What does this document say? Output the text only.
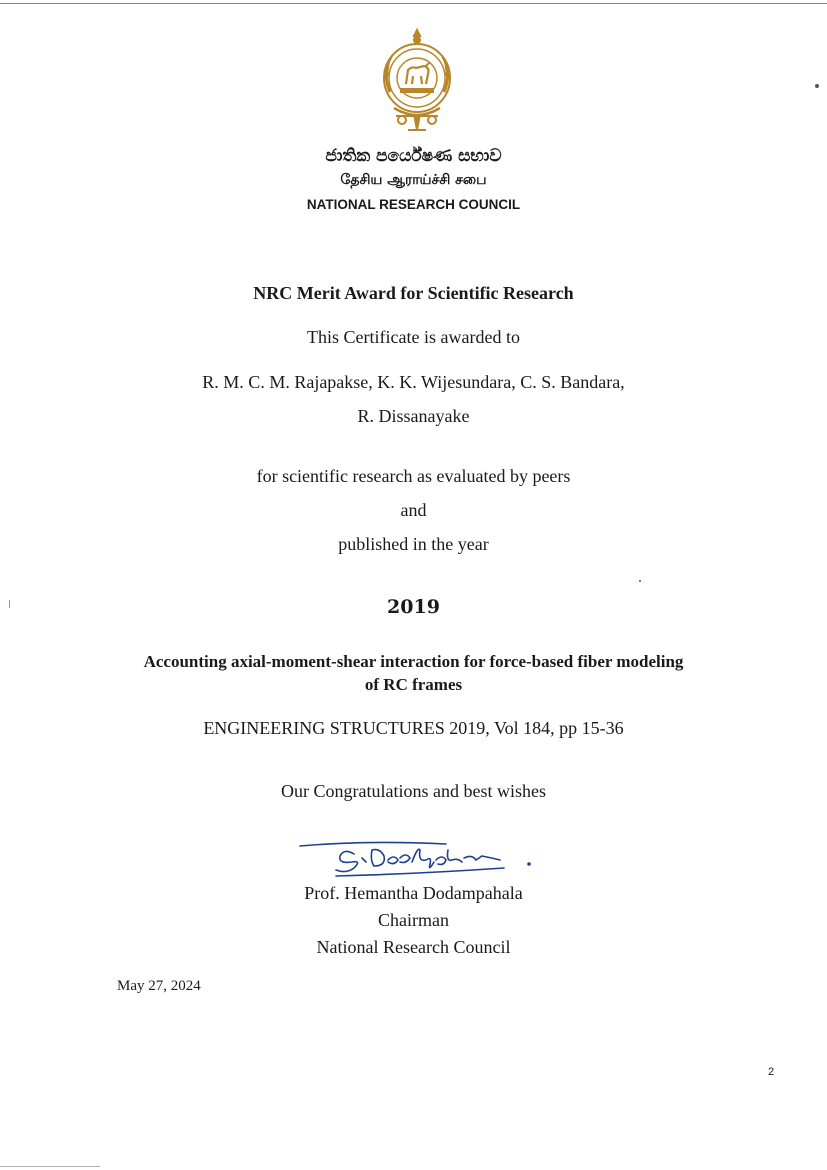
ජාතික පර්යේෂණ සභාව
தேசிய ஆராய்ச்சி சபை
NATIONAL RESEARCH COUNCIL
NRC Merit Award for Scientific Research
This Certificate is awarded to
R. M. C. M. Rajapakse, K. K. Wijesundara, C. S. Bandara,
R. Dissanayake
for scientific research as evaluated by peers
and
published in the year
2019
Accounting axial-moment-shear interaction for force-based fiber modeling
of RC frames
ENGINEERING STRUCTURES 2019, Vol 184, pp 15-36
Our Congratulations and best wishes
Prof. Hemantha Dodampahala
Chairman
National Research Council
May 27, 2024
2
